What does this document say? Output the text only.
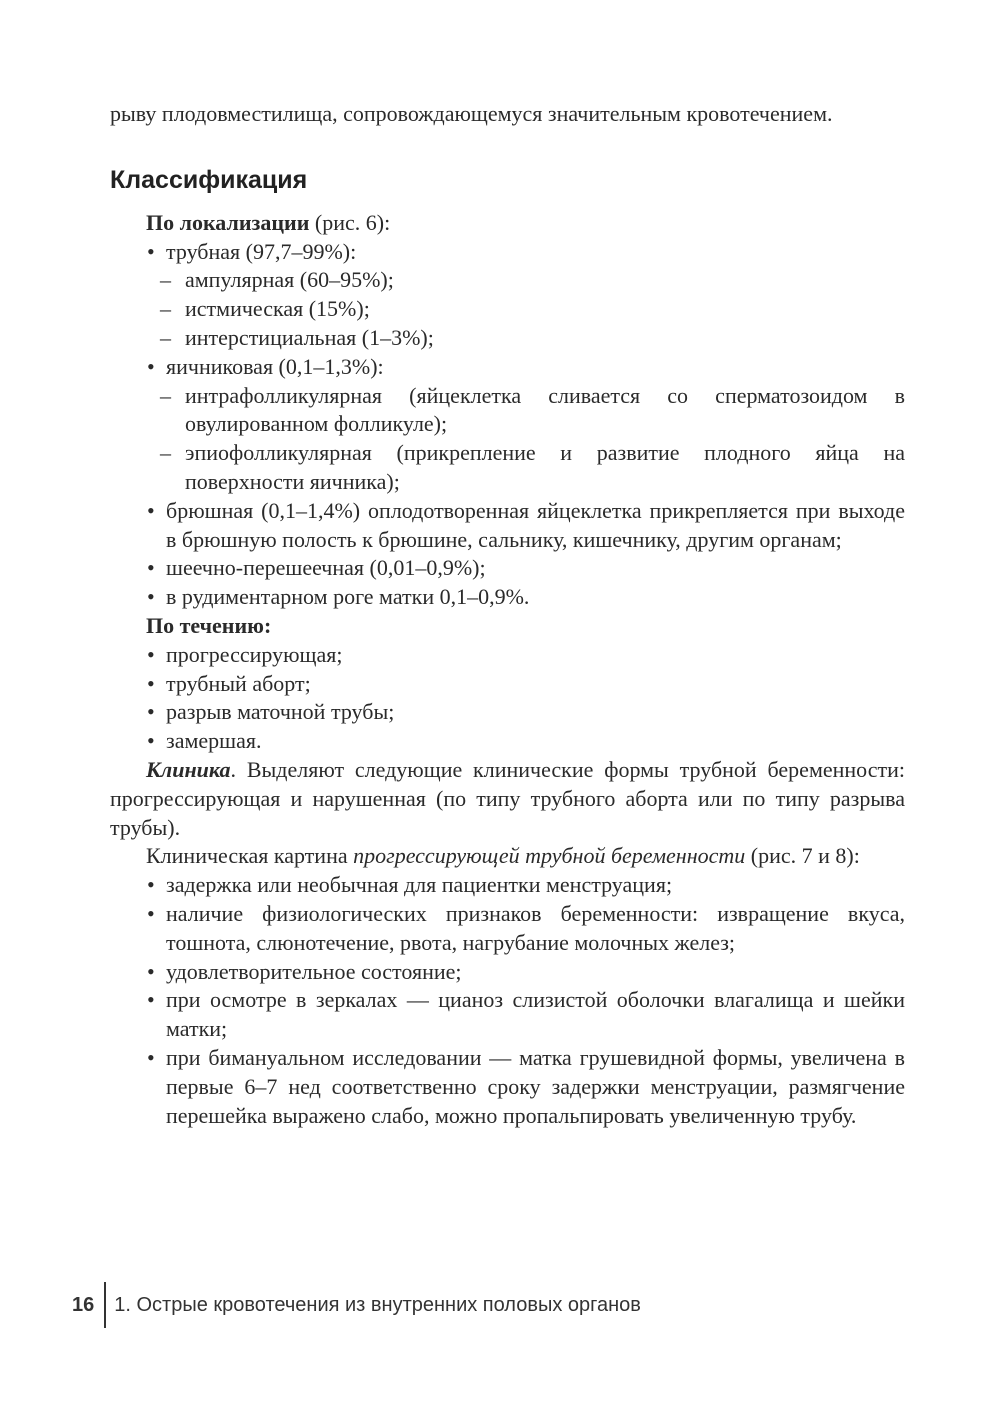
рыву плодовместилища, сопровождающемуся значительным кровотечением.

Классификация

По локализации (рис. 6):

• трубная (97,7–99%):
– ампулярная (60–95%);
– истмическая (15%);
– интерстициальная (1–3%);
• яичниковая (0,1–1,3%):
– интрафолликулярная (яйцеклетка сливается со сперматозоидом в овулированном фолликуле);
– эпиофолликулярная (прикрепление и развитие плодного яйца на поверхности яичника);
• брюшная (0,1–1,4%) оплодотворенная яйцеклетка прикрепляется при выходе в брюшную полость к брюшине, сальнику, кишечнику, другим органам;
• шеечно-перешеечная (0,01–0,9%);
• в рудиментарном роге матки 0,1–0,9%.

По течению:

• прогрессирующая;
• трубный аборт;
• разрыв маточной трубы;
• замершая.

Клиника. Выделяют следующие клинические формы трубной беременности: прогрессирующая и нарушенная (по типу трубного аборта или по типу разрыва трубы).

Клиническая картина прогрессирующей трубной беременности (рис. 7 и 8):

• задержка или необычная для пациентки менструация;
• наличие физиологических признаков беременности: извращение вкуса, тошнота, слюнотечение, рвота, нагрубание молочных желез;
• удовлетворительное состояние;
• при осмотре в зеркалах — цианоз слизистой оболочки влагалища и шейки матки;
• при бимануальном исследовании — матка грушевидной формы, увеличена в первые 6–7 нед соответственно сроку задержки менструации, размягчение перешейка выражено слабо, можно пропальпировать увеличенную трубу.
16 1. Острые кровотечения из внутренних половых органов
